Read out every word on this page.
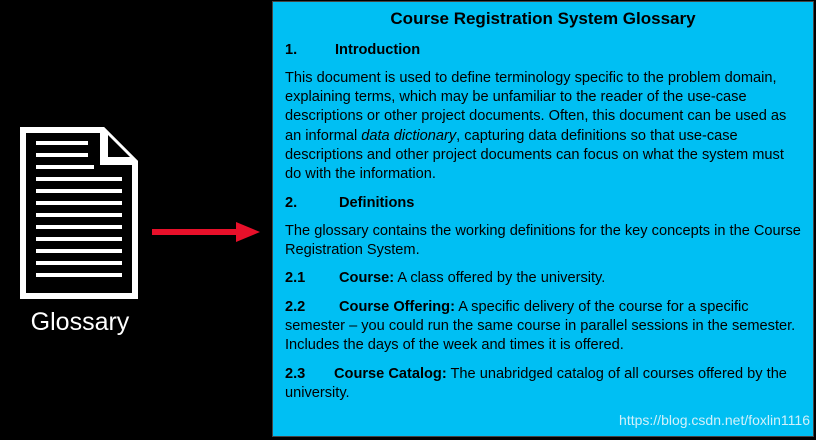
Glossary
Course Registration System Glossary

1.	Introduction

This document is used to define terminology specific to the problem domain, explaining terms, which may be unfamiliar to the reader of the use-case descriptions or other project documents. Often, this document can be used as an informal data dictionary, capturing data definitions so that use-case descriptions and other project documents can focus on what the system must do with the information.

2.	Definitions

The glossary contains the working definitions for the key concepts in the Course Registration System.

2.1 Course: A class offered by the university.

2.2 Course Offering: A specific delivery of the course for a specific semester – you could run the same course in parallel sessions in the semester. Includes the days of the week and times it is offered.

2.3 Course Catalog: The unabridged catalog of all courses offered by the university.

https://blog.csdn.net/foxlin1116
